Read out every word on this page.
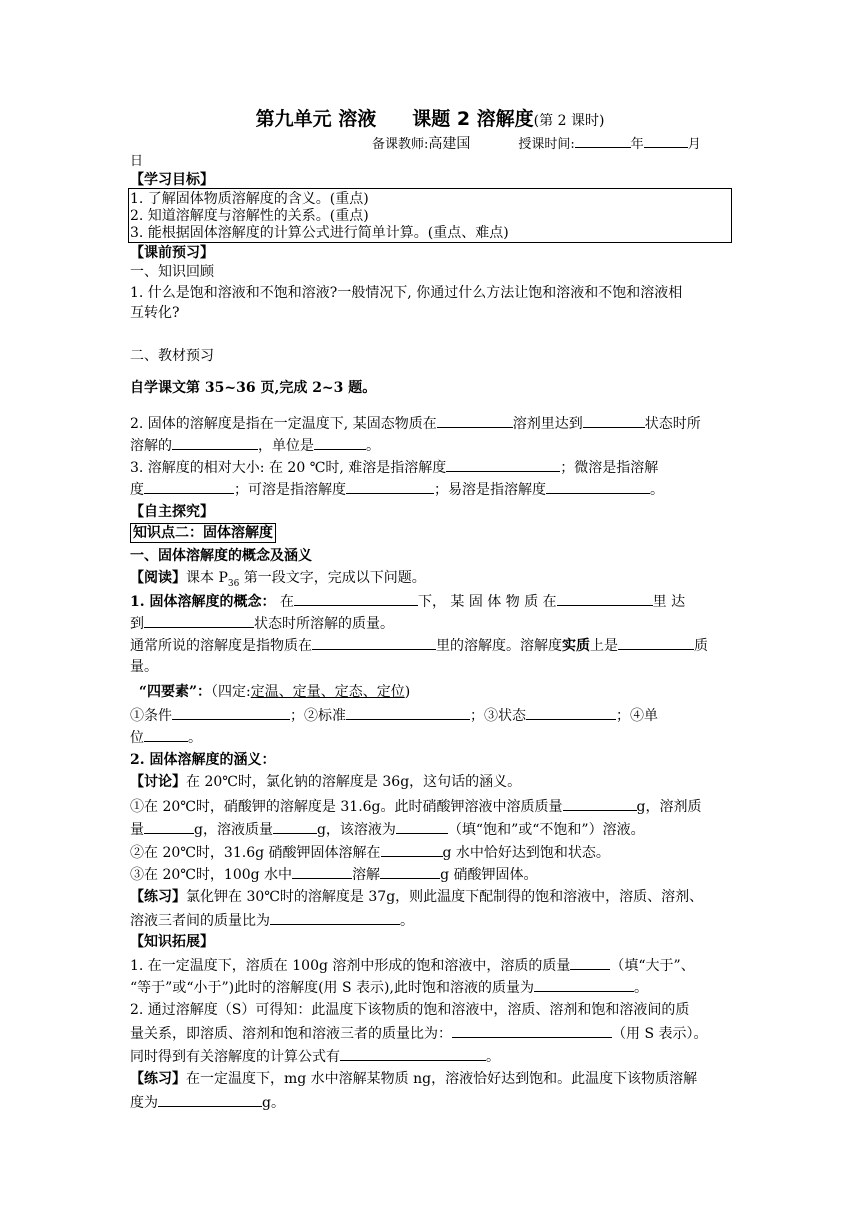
第九单元 溶液 课题 2 溶解度(第 2 课时)
备课教师:高建国	授课时间:	年	月
日
【学习目标】
1. 了解固体物质溶解度的含义。(重点)
2. 知道溶解度与溶解性的关系。(重点)
3. 能根据固体溶解度的计算公式进行简单计算。(重点、难点)
【课前预习】
一、知识回顾
1. 什么是饱和溶液和不饱和溶液?一般情况下, 你通过什么方法让饱和溶液和不饱和溶液相
互转化?
二、教材预习
自学课文第 35~36 页,完成 2~3 题。
2. 固体的溶解度是指在一定温度下, 某固态物质在	溶剂里达到	状态时所
溶解的	，单位是	。
3. 溶解度的相对大小: 在 20 ℃时, 难溶是指溶解度	；微溶是指溶解
度	；可溶是指溶解度	；易溶是指溶解度	。
【自主探究】
知识点二：固体溶解度
一、固体溶解度的概念及涵义
【阅读】课本 $P_{36}$ 第一段文字，完成以下问题。
1. 固体溶解度的概念： 在	下， 某 固 体 物 质 在	里 达
到	状态时所溶解的质量。
通常所说的溶解度是指物质在	里的溶解度。溶解度实质上是	质
量。
“四要素”：（四定:定温、定量、定态、定位)
①条件	；②标准	；③状态	；④单
位	。
2. 固体溶解度的涵义：
【讨论】在 20℃时，氯化钠的溶解度是 36g，这句话的涵义。
①在 20℃时，硝酸钾的溶解度是 31.6g。此时硝酸钾溶液中溶质质量	g，溶剂质
量	g，溶液质量	g，该溶液为	（填“饱和”或“不饱和”）溶液。
②在 20℃时，31.6g 硝酸钾固体溶解在	g 水中恰好达到饱和状态。
③在 20℃时，100g 水中	溶解	g 硝酸钾固体。
【练习】氯化钾在 30℃时的溶解度是 37g，则此温度下配制得的饱和溶液中，溶质、溶剂、
溶液三者间的质量比为	。
【知识拓展】
1. 在一定温度下，溶质在 100g 溶剂中形成的饱和溶液中，溶质的质量	（填“大于”、
“等于”或“小于”)此时的溶解度(用 S 表示),此时饱和溶液的质量为	。
2. 通过溶解度（S）可得知：此温度下该物质的饱和溶液中，溶质、溶剂和饱和溶液间的质
量关系，即溶质、溶剂和饱和溶液三者的质量比为：	（用 S 表示）。
同时得到有关溶解度的计算公式有	。
【练习】在一定温度下，mg 水中溶解某物质 ng，溶液恰好达到饱和。此温度下该物质溶解
度为	g。
